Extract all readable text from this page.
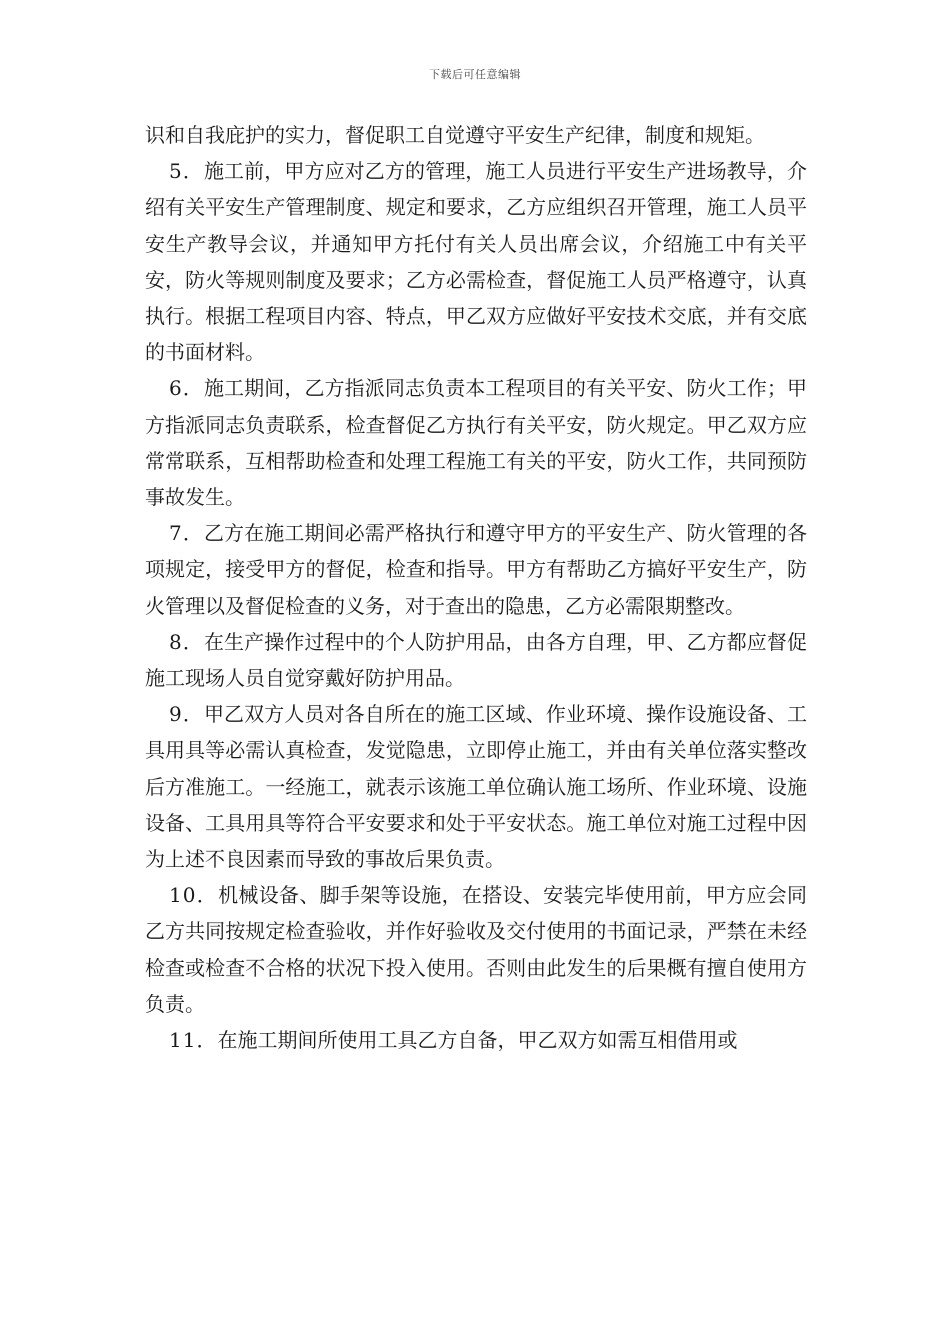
下载后可任意编辑

识和自我庇护的实力，督促职工自觉遵守平安生产纪律，制度和规矩。

5．施工前，甲方应对乙方的管理，施工人员进行平安生产进场教导，介绍有关平安生产管理制度、规定和要求，乙方应组织召开管理，施工人员平安生产教导会议，并通知甲方托付有关人员出席会议，介绍施工中有关平安，防火等规则制度及要求；乙方必需检查，督促施工人员严格遵守，认真执行。根据工程项目内容、特点，甲乙双方应做好平安技术交底，并有交底的书面材料。

6．施工期间，乙方指派同志负责本工程项目的有关平安、防火工作；甲方指派同志负责联系，检查督促乙方执行有关平安，防火规定。甲乙双方应常常联系，互相帮助检查和处理工程施工有关的平安，防火工作，共同预防事故发生。

7．乙方在施工期间必需严格执行和遵守甲方的平安生产、防火管理的各项规定，接受甲方的督促，检查和指导。甲方有帮助乙方搞好平安生产，防火管理以及督促检查的义务，对于查出的隐患，乙方必需限期整改。

8．在生产操作过程中的个人防护用品，由各方自理，甲、乙方都应督促施工现场人员自觉穿戴好防护用品。

9．甲乙双方人员对各自所在的施工区域、作业环境、操作设施设备、工具用具等必需认真检查，发觉隐患，立即停止施工，并由有关单位落实整改后方准施工。一经施工，就表示该施工单位确认施工场所、作业环境、设施设备、工具用具等符合平安要求和处于平安状态。施工单位对施工过程中因为上述不良因素而导致的事故后果负责。

10．机械设备、脚手架等设施，在搭设、安装完毕使用前，甲方应会同乙方共同按规定检查验收，并作好验收及交付使用的书面记录，严禁在未经检查或检查不合格的状况下投入使用。否则由此发生的后果概有擅自使用方负责。

11．在施工期间所使用工具乙方自备，甲乙双方如需互相借用或
